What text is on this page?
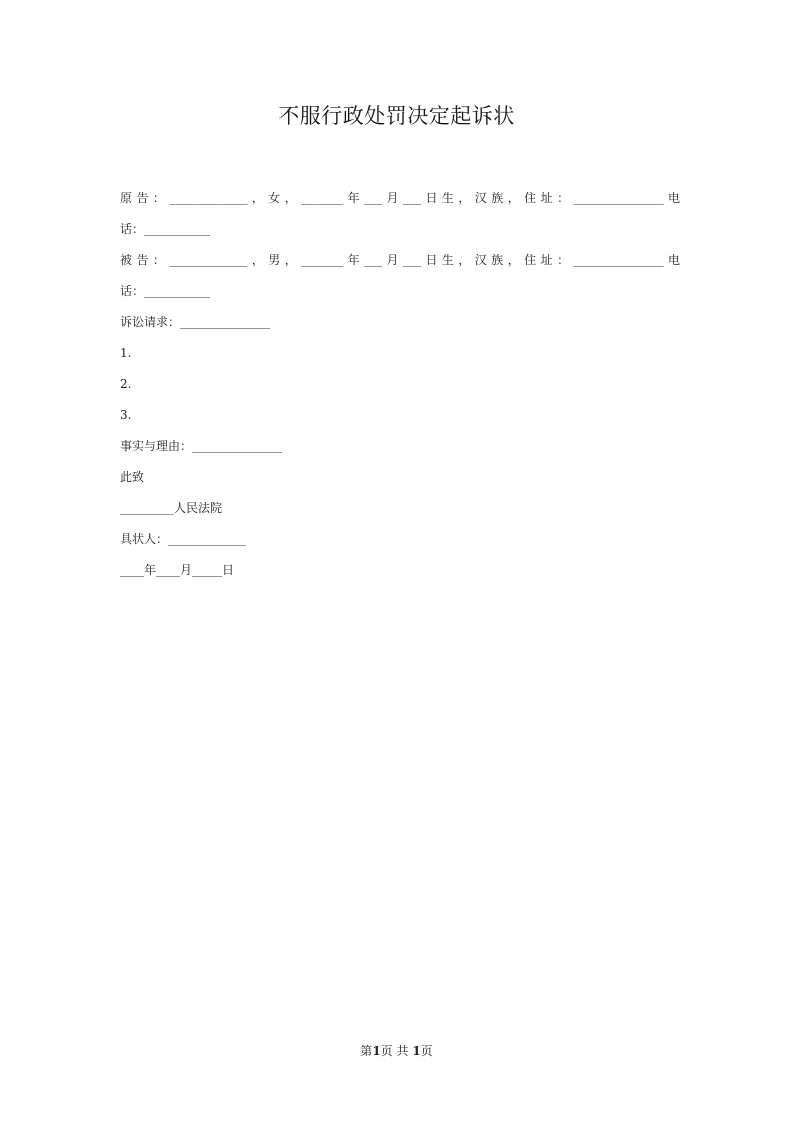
不服行政处罚决定起诉状
原告：_____________，女，_______年___月___日生，汉族，住址：_______________电
话：___________
被告：_____________，男，_______年___月___日生，汉族，住址：_______________电
话：___________
诉讼请求：_______________
1.
2.
3.
事实与理由：_______________
此致
_________人民法院
具状人：_____________
____年____月_____日
第1页 共 1页
